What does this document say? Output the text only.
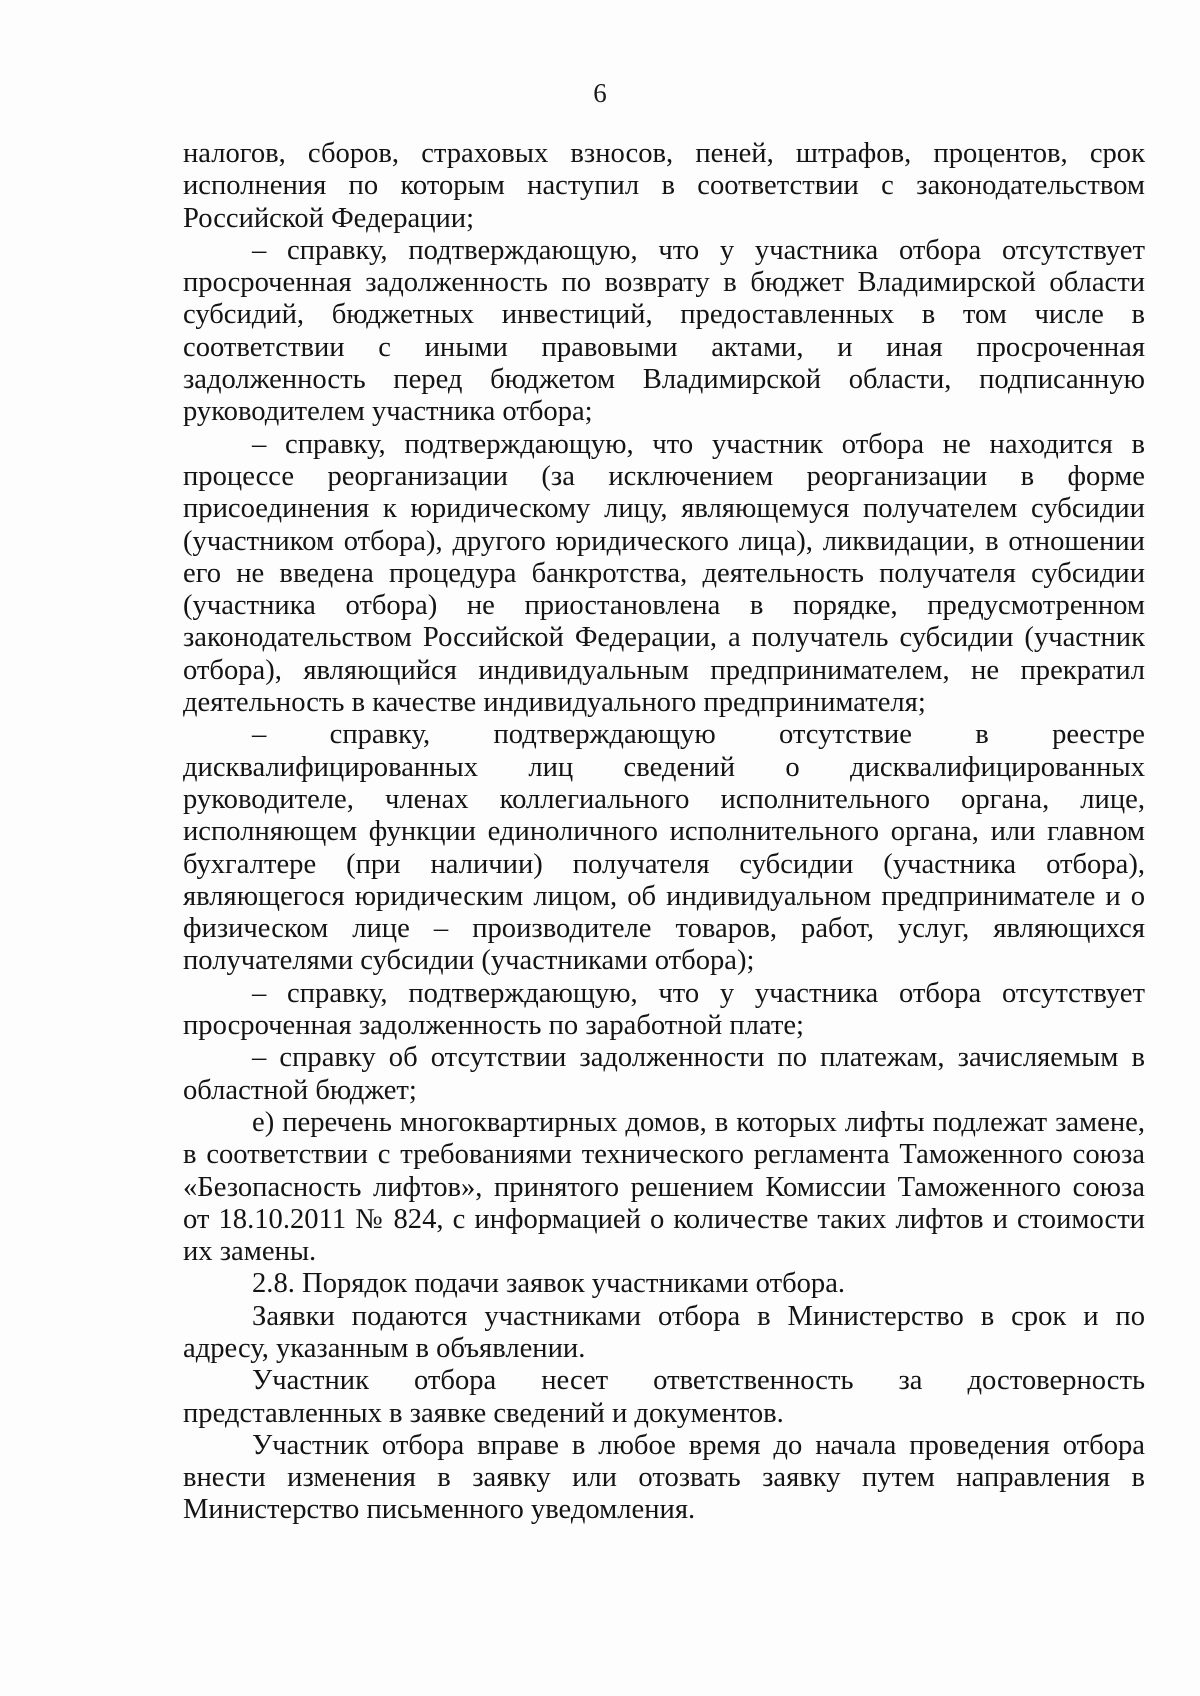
6

налогов, сборов, страховых взносов, пеней, штрафов, процентов, срок исполнения по которым наступил в соответствии с законодательством Российской Федерации;

– справку, подтверждающую, что у участника отбора отсутствует просроченная задолженность по возврату в бюджет Владимирской области субсидий, бюджетных инвестиций, предоставленных в том числе в соответствии с иными правовыми актами, и иная просроченная задолженность перед бюджетом Владимирской области, подписанную руководителем участника отбора;

– справку, подтверждающую, что участник отбора не находится в процессе реорганизации (за исключением реорганизации в форме присоединения к юридическому лицу, являющемуся получателем субсидии (участником отбора), другого юридического лица), ликвидации, в отношении его не введена процедура банкротства, деятельность получателя субсидии (участника отбора) не приостановлена в порядке, предусмотренном законодательством Российской Федерации, а получатель субсидии (участник отбора), являющийся индивидуальным предпринимателем, не прекратил деятельность в качестве индивидуального предпринимателя;

– справку, подтверждающую отсутствие в реестре дисквалифицированных лиц сведений о дисквалифицированных руководителе, членах коллегиального исполнительного органа, лице, исполняющем функции единоличного исполнительного органа, или главном бухгалтере (при наличии) получателя субсидии (участника отбора), являющегося юридическим лицом, об индивидуальном предпринимателе и о физическом лице – производителе товаров, работ, услуг, являющихся получателями субсидии (участниками отбора);

– справку, подтверждающую, что у участника отбора отсутствует просроченная задолженность по заработной плате;

– справку об отсутствии задолженности по платежам, зачисляемым в областной бюджет;

е) перечень многоквартирных домов, в которых лифты подлежат замене, в соответствии с требованиями технического регламента Таможенного союза «Безопасность лифтов», принятого решением Комиссии Таможенного союза от 18.10.2011 № 824, с информацией о количестве таких лифтов и стоимости их замены.

2.8. Порядок подачи заявок участниками отбора.

Заявки подаются участниками отбора в Министерство в срок и по адресу, указанным в объявлении.

Участник отбора несет ответственность за достоверность представленных в заявке сведений и документов.

Участник отбора вправе в любое время до начала проведения отбора внести изменения в заявку или отозвать заявку путем направления в Министерство письменного уведомления.
